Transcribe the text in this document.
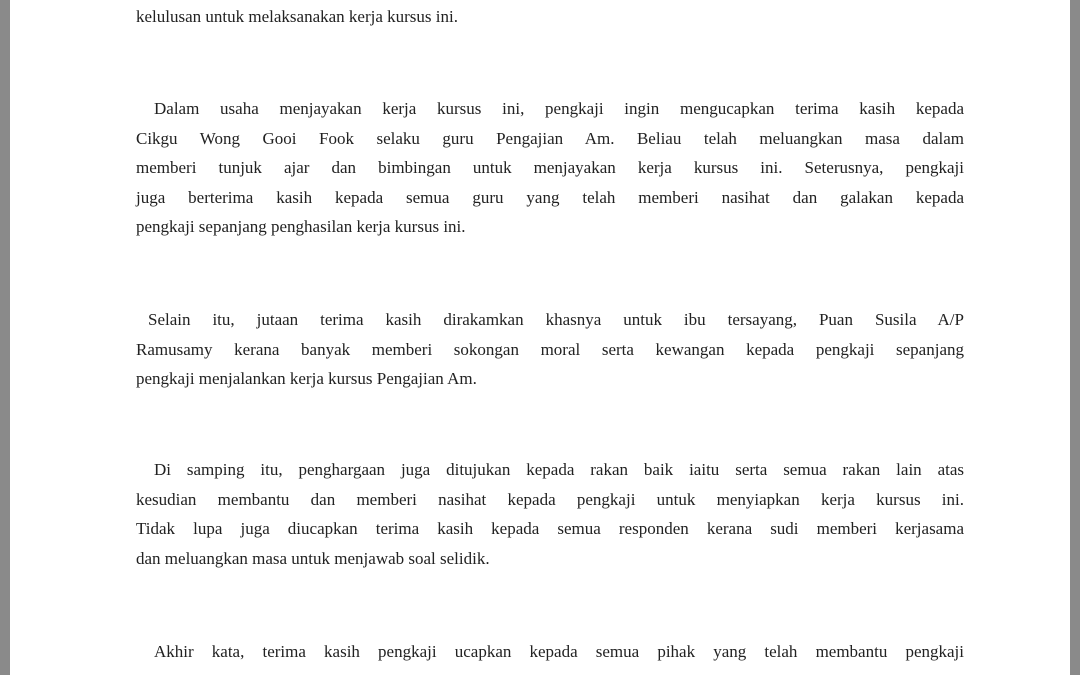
kelulusan untuk melaksanakan kerja kursus ini.

Dalam usaha menjayakan kerja kursus ini, pengkaji ingin mengucapkan terima kasih kepada
Cikgu Wong Gooi Fook selaku guru Pengajian Am. Beliau telah meluangkan masa dalam
memberi tunjuk ajar dan bimbingan untuk menjayakan kerja kursus ini. Seterusnya, pengkaji
juga berterima kasih kepada semua guru yang telah memberi nasihat dan galakan kepada
pengkaji sepanjang penghasilan kerja kursus ini.

Selain itu, jutaan terima kasih dirakamkan khasnya untuk ibu tersayang, Puan Susila A/P
Ramusamy kerana banyak memberi sokongan moral serta kewangan kepada pengkaji sepanjang
pengkaji menjalankan kerja kursus Pengajian Am.

Di samping itu, penghargaan juga ditujukan kepada rakan baik iaitu serta semua rakan lain atas
kesudian membantu dan memberi nasihat kepada pengkaji untuk menyiapkan kerja kursus ini.
Tidak lupa juga diucapkan terima kasih kepada semua responden kerana sudi memberi kerjasama
dan meluangkan masa untuk menjawab soal selidik.

Akhir kata, terima kasih pengkaji ucapkan kepada semua pihak yang telah membantu pengkaji
